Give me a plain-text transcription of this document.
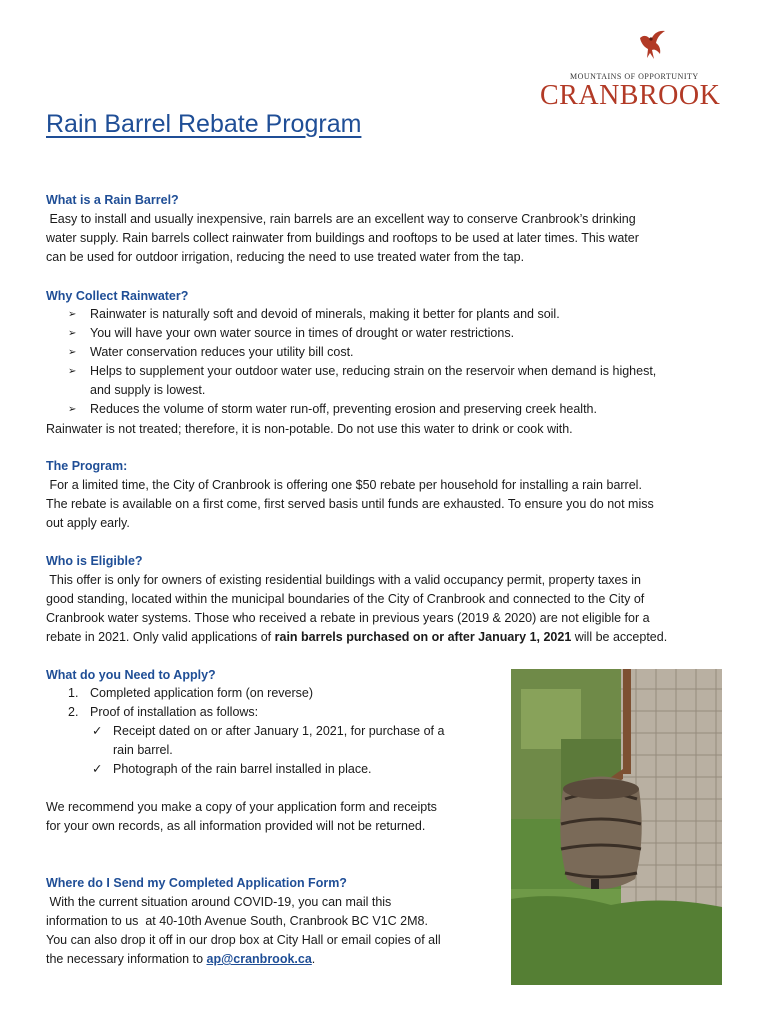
MOUNTAINS OF OPPORTUNITY
CRANBROOK
Rain Barrel Rebate Program
What is a Rain Barrel?
Easy to install and usually inexpensive, rain barrels are an excellent way to conserve Cranbrook’s drinking
water supply. Rain barrels collect rainwater from buildings and rooftops to be used at later times. This water
can be used for outdoor irrigation, reducing the need to use treated water from the tap.
Why Collect Rainwater?
➢ Rainwater is naturally soft and devoid of minerals, making it better for plants and soil.
➢ You will have your own water source in times of drought or water restrictions.
➢ Water conservation reduces your utility bill cost.
➢ Helps to supplement your outdoor water use, reducing strain on the reservoir when demand is highest,
and supply is lowest.
➢ Reduces the volume of storm water run-off, preventing erosion and preserving creek health.
Rainwater is not treated; therefore, it is non-potable. Do not use this water to drink or cook with.
The Program:
For a limited time, the City of Cranbrook is offering one $50 rebate per household for installing a rain barrel.
The rebate is available on a first come, first served basis until funds are exhausted. To ensure you do not miss
out apply early.
Who is Eligible?
This offer is only for owners of existing residential buildings with a valid occupancy permit, property taxes in
good standing, located within the municipal boundaries of the City of Cranbrook and connected to the City of
Cranbrook water systems. Those who received a rebate in previous years (2019 & 2020) are not eligible for a
rebate in 2021. Only valid applications of rain barrels purchased on or after January 1, 2021 will be accepted.
What do you Need to Apply?
1. Completed application form (on reverse)
2. Proof of installation as follows:
✓ Receipt dated on or after January 1, 2021, for purchase of a
rain barrel.
✓ Photograph of the rain barrel installed in place.
We recommend you make a copy of your application form and receipts
for your own records, as all information provided will not be returned.
Where do I Send my Completed Application Form?
With the current situation around COVID-19, you can mail this
information to us  at 40-10th Avenue South, Cranbrook BC V1C 2M8.
You can also drop it off in our drop box at City Hall or email copies of all
the necessary information to ap@cranbrook.ca.
